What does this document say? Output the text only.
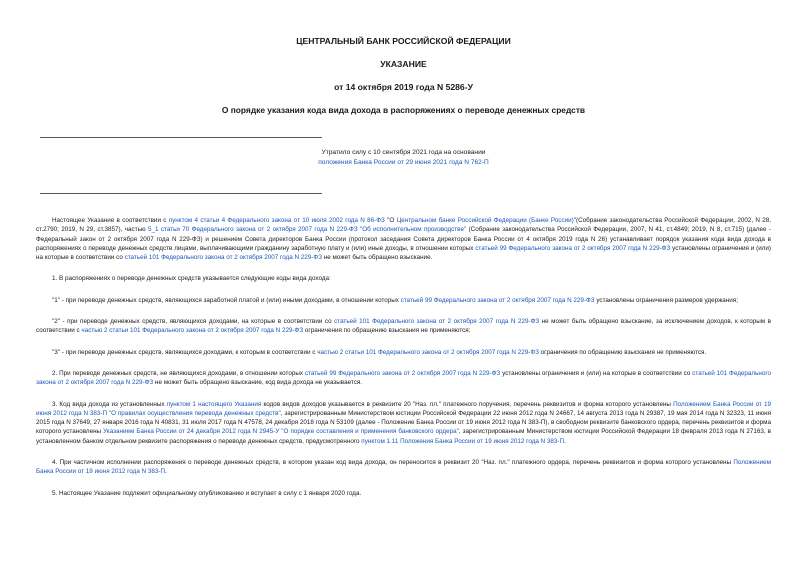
ЦЕНТРАЛЬНЫЙ БАНК РОССИЙСКОЙ ФЕДЕРАЦИИ
УКАЗАНИЕ
от 14 октября 2019 года N 5286-У
О порядке указания кода вида дохода в распоряжениях о переводе денежных средств
Утратило силу с 10 сентября 2021 года на основании
положения Банка России от 29 июня 2021 года N 762-П

Настоящее Указание в соответствии с пунктом 4 статьи 4 Федерального закона от 10 июля 2002 года N 86-ФЗ "О Центральном банке Российской Федерации (Банке России)"(Собрание законодательства Российской Федерации, 2002, N 28, ст.2790; 2019, N 29, ст.3857), частью 5_1 статьи 70 Федерального закона от 2 октября 2007 года N 229-ФЗ "Об исполнительном производстве" (Собрание законодательства Российской Федерации, 2007, N 41, ст.4849; 2019, N 8, ст.715) (далее - Федеральный закон от 2 октября 2007 года N 229-ФЗ) и решением Совета директоров Банка России (протокол заседания Совета директоров Банка России от 4 октября 2019 года N 26) устанавливает порядок указания кода вида дохода в распоряжениях о переводе денежных средств лицами, выплачивающими гражданину заработную плату и (или) иные доходы, в отношении которых статьей 99 Федерального закона от 2 октября 2007 года N 229-ФЗ установлены ограничения и (или) на которые в соответствии со статьей 101 Федерального закона от 2 октября 2007 года N 229-ФЗ не может быть обращено взыскание.

1. В распоряжениях о переводе денежных средств указывается следующие коды вида дохода:

"1" - при переводе денежных средств, являющихся заработной платой и (или) иными доходами, в отношении которых статьей 99 Федерального закона от 2 октября 2007 года N 229-ФЗ установлены ограничения размеров удержания;

"2" - при переводе денежных средств, являющихся доходами, на которые в соответствии со статьей 101 Федерального закона от 2 октября 2007 года N 229-ФЗ не может быть обращено взыскание, за исключением доходов, к которым в соответствии с частью 2 статьи 101 Федерального закона от 2 октября 2007 года N 229-ФЗ ограничения по обращению взыскания не применяются;

"3" - при переводе денежных средств, являющихся доходами, к которым в соответствии с частью 2 статьи 101 Федерального закона от 2 октября 2007 года N 229-ФЗ ограничения по обращению взыскания не применяются.

2. При переводе денежных средств, не являющихся доходами, в отношении которых статьей 99 Федерального закона от 2 октября 2007 года N 229-ФЗ установлены ограничения и (или) на которые в соответствии со статьей 101 Федерального закона от 2 октября 2007 года N 229-ФЗ не может быть обращено взыскание, код вида дохода не указывается.

3. Код вида дохода из установленных пунктом 1 настоящего Указания кодов видов доходов указывается в реквизите 20 "Наз. пл." платежного поручения, перечень реквизитов и форма которого установлены Положением Банка России от 19 июня 2012 года N 383-П "О правилах осуществления перевода денежных средств", зарегистрированным Министерством юстиции Российской Федерации 22 июня 2012 года N 24667, 14 августа 2013 года N 29387, 19 мая 2014 года N 32323, 11 июня 2015 года N 37649, 27 января 2016 года N 40831, 31 июля 2017 года N 47578, 24 декабря 2018 года N 53109 (далее - Положение Банка России от 19 июня 2012 года N 383-П), в свободном реквизите банковского ордера, перечень реквизитов и форма которого установлены Указанием Банка России от 24 декабря 2012 года N 2945-У "О порядке составления и применения банковского ордера", зарегистрированным Министерством юстиции Российской Федерации 18 февраля 2013 года N 27163, в установленном банком отдельном реквизите распоряжения о переводе денежных средств, предусмотренного пунктом 1.11 Положения Банка России от 19 июня 2012 года N 383-П.

4. При частичном исполнении распоряжения о переводе денежных средств, в котором указан код вида дохода, он переносится в реквизит 20 "Наз. пл." платежного ордера, перечень реквизитов и форма которого установлены Положением Банка России от 19 июня 2012 года N 383-П.

5. Настоящее Указание подлежит официальному опубликованию и вступает в силу с 1 января 2020 года.
